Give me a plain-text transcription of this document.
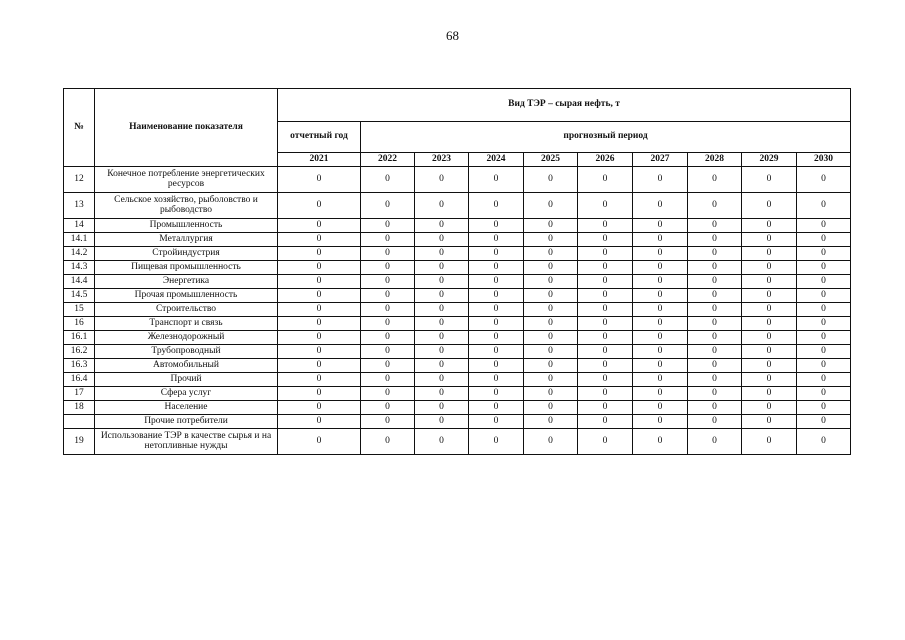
68
№	Наименование показателя	Вид ТЭР – сырая нефть, т									
		отчетный год	прогнозный период								
		2021	2022	2023	2024	2025	2026	2027	2028	2029	2030
12	Конечное потребление энергетических ресурсов	0	0	0	0	0	0	0	0	0	0
13	Сельское хозяйство, рыболовство и рыбоводство	0	0	0	0	0	0	0	0	0	0
14	Промышленность	0	0	0	0	0	0	0	0	0	0
14.1	Металлургия	0	0	0	0	0	0	0	0	0	0
14.2	Стройиндустрия	0	0	0	0	0	0	0	0	0	0
14.3	Пищевая промышленность	0	0	0	0	0	0	0	0	0	0
14.4	Энергетика	0	0	0	0	0	0	0	0	0	0
14.5	Прочая промышленность	0	0	0	0	0	0	0	0	0	0
15	Строительство	0	0	0	0	0	0	0	0	0	0
16	Транспорт и связь	0	0	0	0	0	0	0	0	0	0
16.1	Железнодорожный	0	0	0	0	0	0	0	0	0	0
16.2	Трубопроводный	0	0	0	0	0	0	0	0	0	0
16.3	Автомобильный	0	0	0	0	0	0	0	0	0	0
16.4	Прочий	0	0	0	0	0	0	0	0	0	0
17	Сфера услуг	0	0	0	0	0	0	0	0	0	0
18	Население	0	0	0	0	0	0	0	0	0	0
	Прочие потребители	0	0	0	0	0	0	0	0	0	0
19	Использование ТЭР в качестве сырья и на нетопливные нужды	0	0	0	0	0	0	0	0	0	0
